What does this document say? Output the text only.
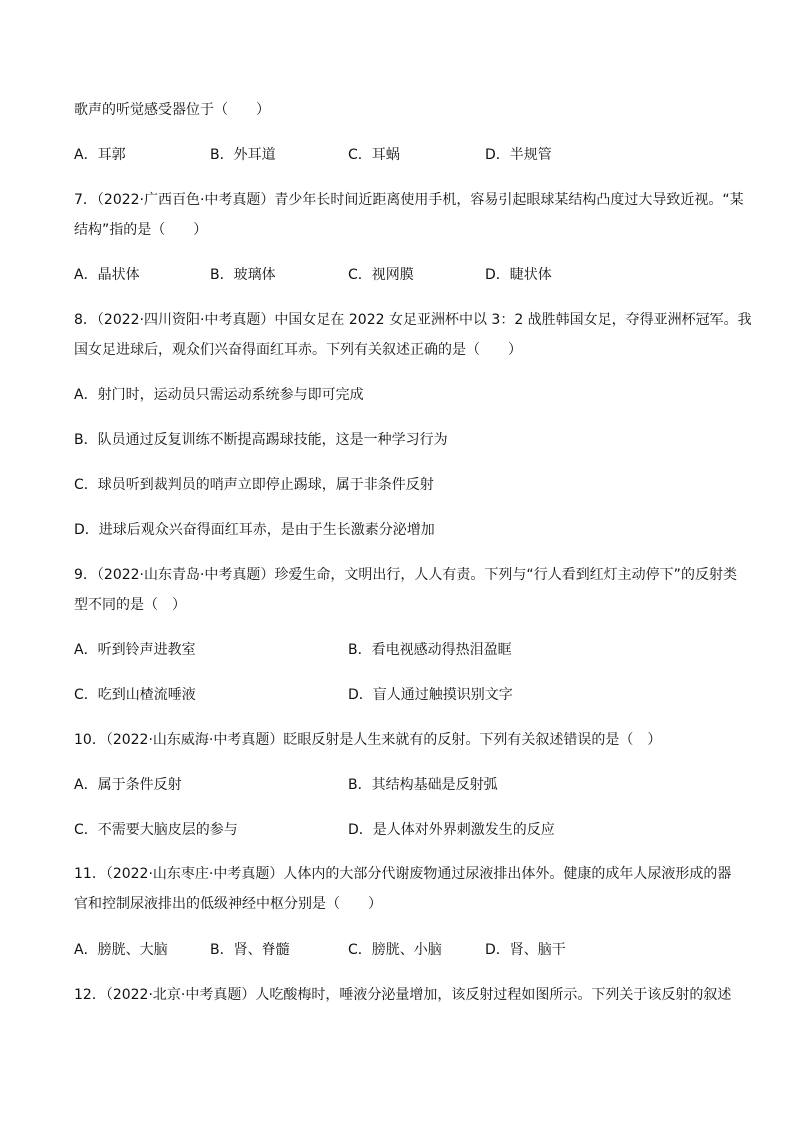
歌声的听觉感受器位于（　　）
A．耳郭	B．外耳道	C．耳蜗	D．半规管
7．（2022·广西百色·中考真题）青少年长时间近距离使用手机，容易引起眼球某结构凸度过大导致近视。“某
结构”指的是（　　）
A．晶状体	B．玻璃体	C．视网膜	D．睫状体
8．（2022·四川资阳·中考真题）中国女足在 2022 女足亚洲杯中以 3：2 战胜韩国女足，夺得亚洲杯冠军。我
国女足进球后，观众们兴奋得面红耳赤。下列有关叙述正确的是（　　）
A．射门时，运动员只需运动系统参与即可完成
B．队员通过反复训练不断提高踢球技能，这是一种学习行为
C．球员听到裁判员的哨声立即停止踢球，属于非条件反射
D．进球后观众兴奋得面红耳赤，是由于生长激素分泌增加
9．（2022·山东青岛·中考真题）珍爱生命，文明出行，人人有责。下列与“行人看到红灯主动停下”的反射类
型不同的是（　）
A．听到铃声进教室	B．看电视感动得热泪盈眶
C．吃到山楂流唾液	D．盲人通过触摸识别文字
10．（2022·山东威海·中考真题）眨眼反射是人生来就有的反射。下列有关叙述错误的是（　）
A．属于条件反射	B．其结构基础是反射弧
C．不需要大脑皮层的参与	D．是人体对外界刺激发生的反应
11．（2022·山东枣庄·中考真题）人体内的大部分代谢废物通过尿液排出体外。健康的成年人尿液形成的器
官和控制尿液排出的低级神经中枢分别是（　　）
A．膀胱、大脑	B．肾、脊髓	C．膀胱、小脑	D．肾、脑干
12．（2022·北京·中考真题）人吃酸梅时，唾液分泌量增加，该反射过程如图所示。下列关于该反射的叙述
